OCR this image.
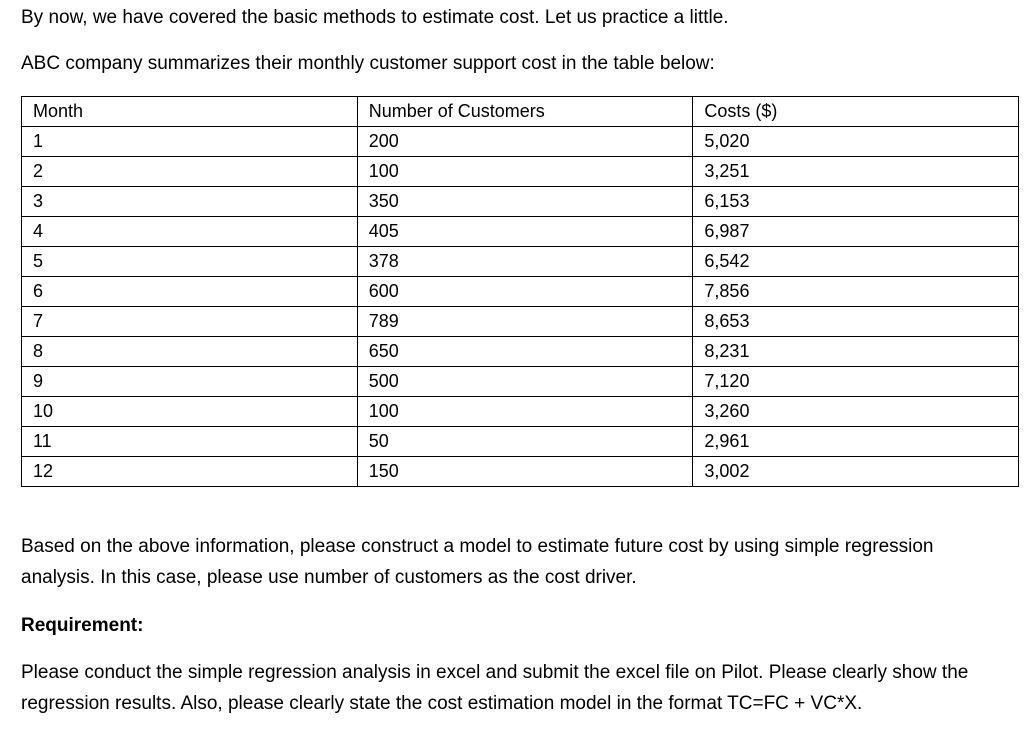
By now, we have covered the basic methods to estimate cost. Let us practice a little.

ABC company summarizes their monthly customer support cost in the table below:

Month	Number of Customers	Costs ($)
1	200	5,020
2	100	3,251
3	350	6,153
4	405	6,987
5	378	6,542
6	600	7,856
7	789	8,653
8	650	8,231
9	500	7,120
10	100	3,260
11	50	2,961
12	150	3,002

Based on the above information, please construct a model to estimate future cost by using simple regression analysis. In this case, please use number of customers as the cost driver.

Requirement:

Please conduct the simple regression analysis in excel and submit the excel file on Pilot. Please clearly show the regression results. Also, please clearly state the cost estimation model in the format TC=FC + VC*X.
